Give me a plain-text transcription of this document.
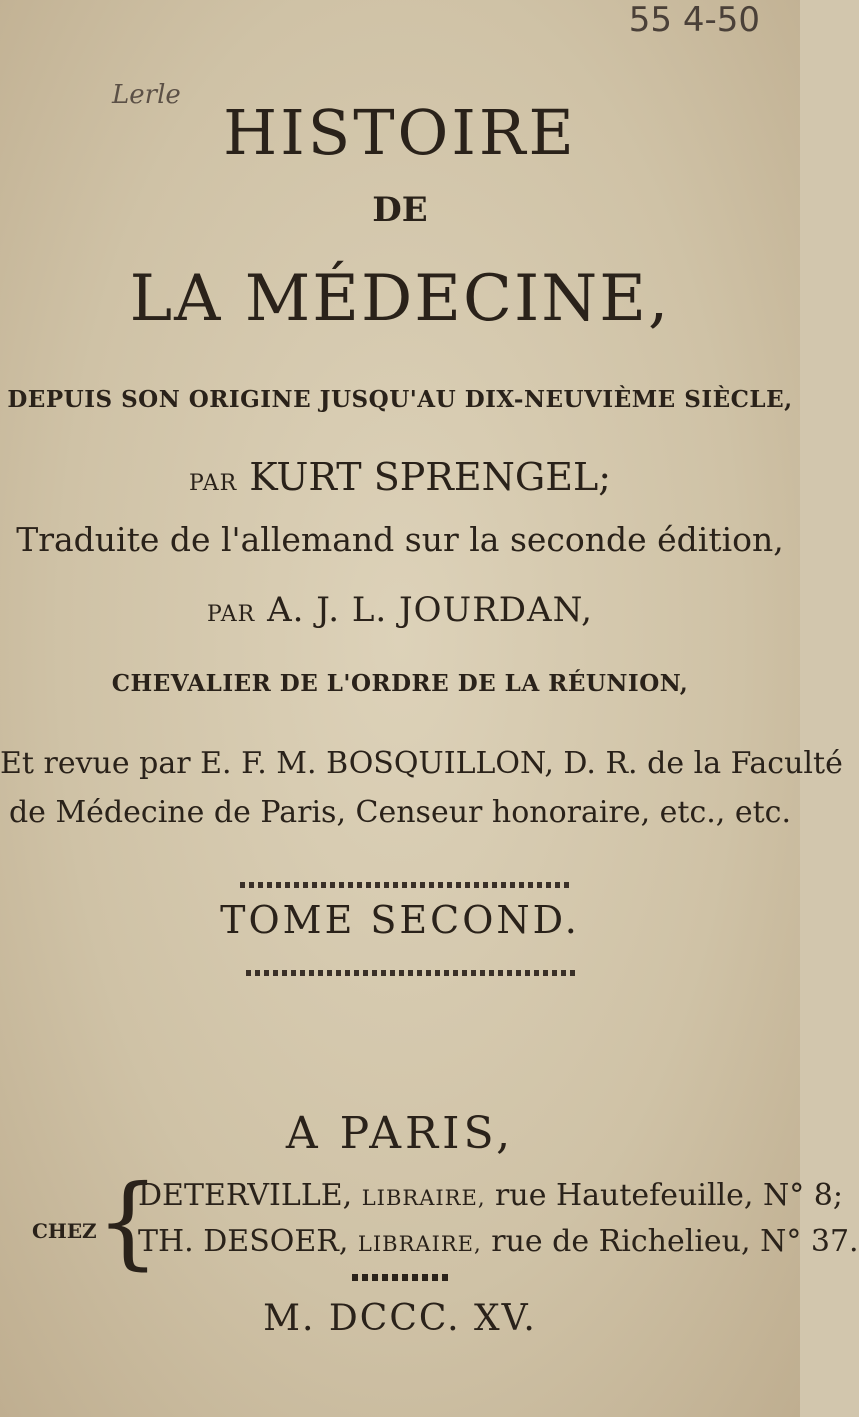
55 4-50
Lerle
HISTOIRE
DE
LA MÉDECINE,
DEPUIS SON ORIGINE JUSQU'AU DIX-NEUVIÈME SIÈCLE,
PAR KURT SPRENGEL;
Traduite de l'allemand sur la seconde édition,
PAR A. J. L. JOURDAN,
CHEVALIER DE L'ORDRE DE LA RÉUNION,
Et revue par E. F. M. BOSQUILLON, D. R. de la Faculté
de Médecine de Paris, Censeur honoraire, etc., etc.
TOME SECOND.
A PARIS,
CHEZ {
DETERVILLE, LIBRAIRE, rue Hautefeuille, N° 8;
TH. DESOER, LIBRAIRE, rue de Richelieu, N° 37.
M. DCCC. XV.
